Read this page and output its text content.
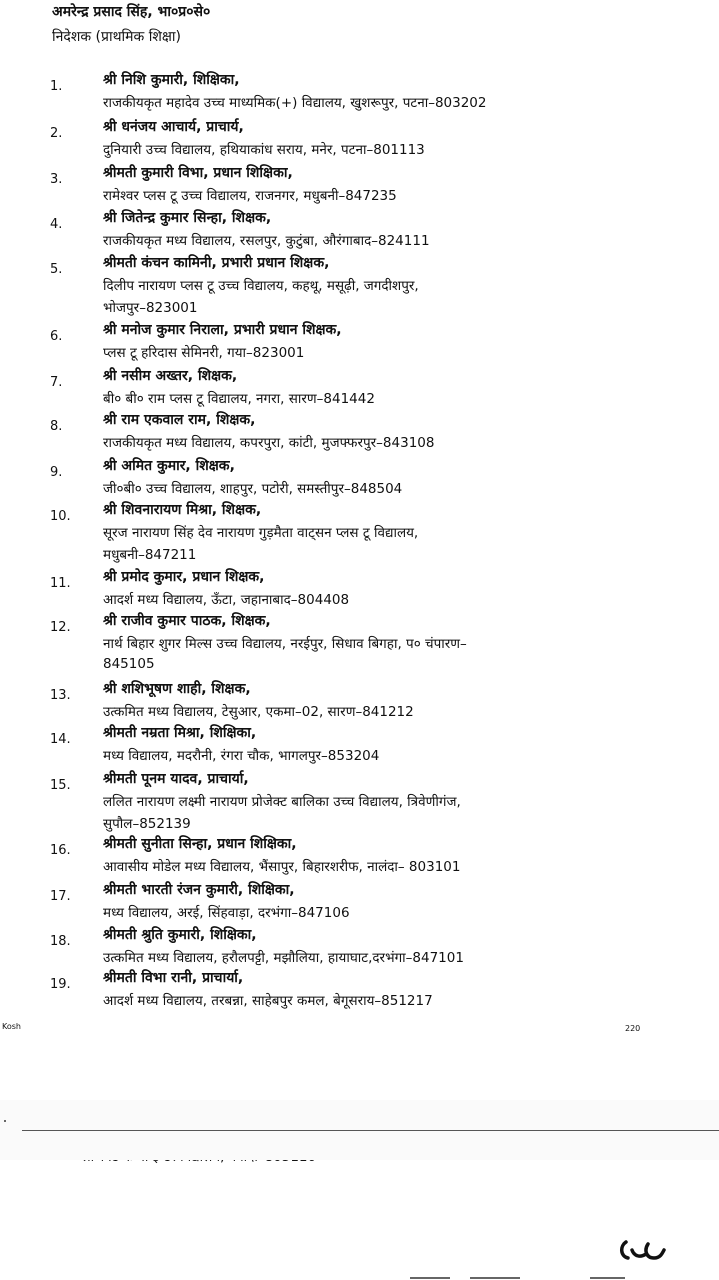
अमरेन्द्र प्रसाद सिंह, भा०प्र०से०
निदेशक (प्राथमिक शिक्षा)
1.	श्री निशि कुमारी, शिक्षिका,
राजकीयकृत महादेव उच्च माध्यमिक(+) विद्यालय, खुशरूपुर, पटना–803202
2.	श्री धनंजय आचार्य, प्राचार्य,
दुनियारी उच्च विद्यालय, हथियाकांध सराय, मनेर, पटना–801113
3.	श्रीमती कुमारी विभा, प्रधान शिक्षिका,
रामेश्वर प्लस टू उच्च विद्यालय, राजनगर, मधुबनी–847235
4.	श्री जितेन्द्र कुमार सिन्हा, शिक्षक,
राजकीयकृत मध्य विद्यालय, रसलपुर, कुटुंबा, औरंगाबाद–824111
5.	श्रीमती कंचन कामिनी, प्रभारी प्रधान शिक्षक,
दिलीप नारायण प्लस टू उच्च विद्यालय, कहथू, मसूढ़ी, जगदीशपुर,
भोजपुर–823001
6.	श्री मनोज कुमार निराला, प्रभारी प्रधान शिक्षक,
प्लस टू हरिदास सेमिनरी, गया–823001
7.	श्री नसीम अख्तर, शिक्षक,
बी० बी० राम प्लस टू विद्यालय, नगरा, सारण–841442
8.	श्री राम एकवाल राम, शिक्षक,
राजकीयकृत मध्य विद्यालय, कपरपुरा, कांटी, मुजफ्फरपुर–843108
9.	श्री अमित कुमार, शिक्षक,
जी०बी० उच्च विद्यालय, शाहपुर, पटोरी, समस्तीपुर–848504
10. श्री शिवनारायण मिश्रा, शिक्षक,
सूरज नारायण सिंह देव नारायण गुड़मैता वाट्सन प्लस टू विद्यालय,
मधुबनी–847211
11. श्री प्रमोद कुमार, प्रधान शिक्षक,
आदर्श मध्य विद्यालय, ऊँटा, जहानाबाद–804408
12. श्री राजीव कुमार पाठक, शिक्षक,
नार्थ बिहार शुगर मिल्स उच्च विद्यालय, नरईपुर, सिधाव बिगहा, प० चंपारण–
845105
13. श्री शशिभूषण शाही, शिक्षक,
उत्कमित मध्य विद्यालय, टेसुआर, एकमा–02, सारण–841212
14. श्रीमती नम्रता मिश्रा, शिक्षिका,
मध्य विद्यालय, मदरौनी, रंगरा चौक, भागलपुर–853204
15. श्रीमती पूनम यादव, प्राचार्या,
ललित नारायण लक्ष्मी नारायण प्रोजेक्ट बालिका उच्च विद्यालय, त्रिवेणीगंज,
सुपौल–852139
16. श्रीमती सुनीता सिन्हा, प्रधान शिक्षिका,
आवासीय मोडेल मध्य विद्यालय, भैंसापुर, बिहारशरीफ, नालंदा– 803101
17. श्रीमती भारती रंजन कुमारी, शिक्षिका,
मध्य विद्यालय, अरई, सिंहवाड़ा, दरभंगा–847106
18. श्रीमती श्रुति कुमारी, शिक्षिका,
उत्कमित मध्य विद्यालय, हरौलपट्टी, मझौलिया, हायाघाट,दरभंगा–847101
19. श्रीमती विभा रानी, प्राचार्या,
आदर्श मध्य विद्यालय, तरबन्ना, साहेबपुर कमल, बेगूसराय–851217
Kosh	220
